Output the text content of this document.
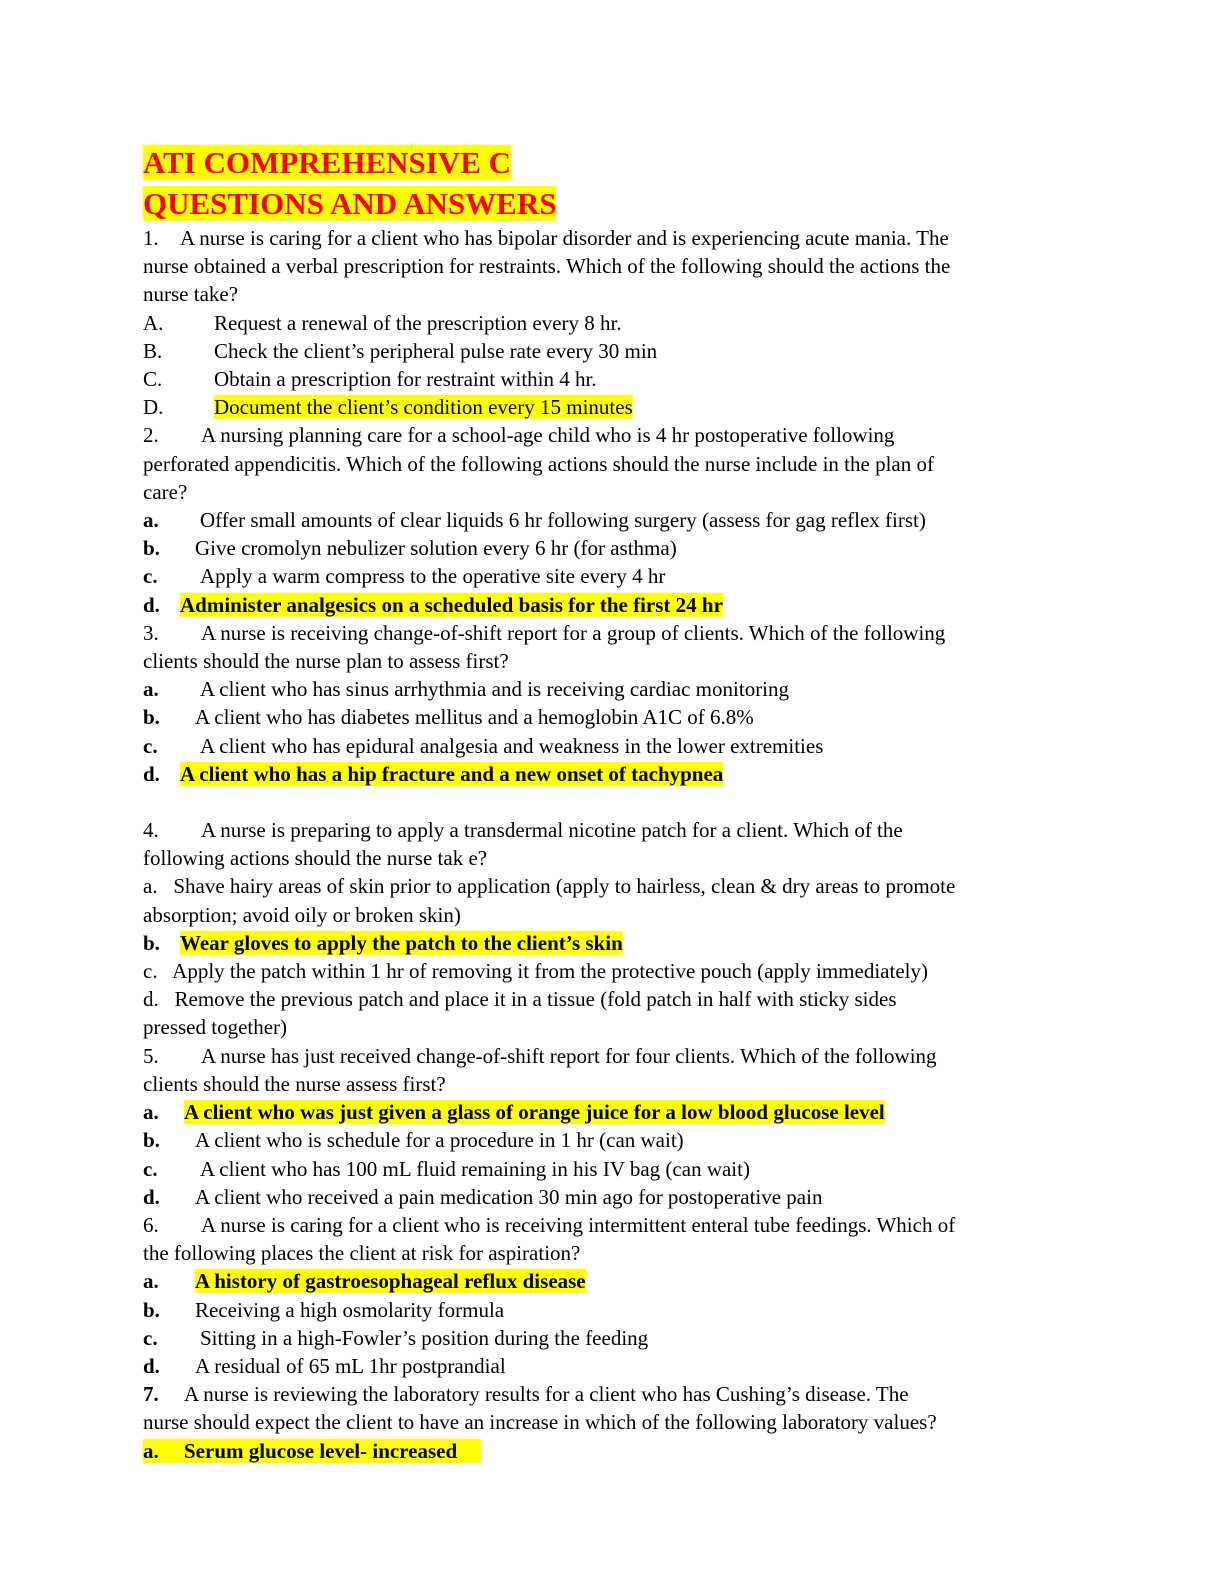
ATI COMPREHENSIVE C
QUESTIONS AND ANSWERS
1. A nurse is caring for a client who has bipolar disorder and is experiencing acute mania. The
nurse obtained a verbal prescription for restraints. Which of the following should the actions the
nurse take?
A. Request a renewal of the prescription every 8 hr.
B. Check the client’s peripheral pulse rate every 30 min
C. Obtain a prescription for restraint within 4 hr.
D. Document the client’s condition every 15 minutes
2. A nursing planning care for a school-age child who is 4 hr postoperative following
perforated appendicitis. Which of the following actions should the nurse include in the plan of
care?
a. Offer small amounts of clear liquids 6 hr following surgery (assess for gag reflex first)
b. Give cromolyn nebulizer solution every 6 hr (for asthma)
c. Apply a warm compress to the operative site every 4 hr
d. Administer analgesics on a scheduled basis for the first 24 hr
3. A nurse is receiving change-of-shift report for a group of clients. Which of the following
clients should the nurse plan to assess first?
a. A client who has sinus arrhythmia and is receiving cardiac monitoring
b. A client who has diabetes mellitus and a hemoglobin A1C of 6.8%
c. A client who has epidural analgesia and weakness in the lower extremities
d. A client who has a hip fracture and a new onset of tachypnea
4. A nurse is preparing to apply a transdermal nicotine patch for a client. Which of the
following actions should the nurse tak e?
a.   Shave hairy areas of skin prior to application (apply to hairless, clean & dry areas to promote
absorption; avoid oily or broken skin)
b. Wear gloves to apply the patch to the client’s skin
c.   Apply the patch within 1 hr of removing it from the protective pouch (apply immediately)
d.   Remove the previous patch and place it in a tissue (fold patch in half with sticky sides
pressed together)
5. A nurse has just received change-of-shift report for four clients. Which of the following
clients should the nurse assess first?
a. A client who was just given a glass of orange juice for a low blood glucose level
b. A client who is schedule for a procedure in 1 hr (can wait)
c. A client who has 100 mL fluid remaining in his IV bag (can wait)
d. A client who received a pain medication 30 min ago for postoperative pain
6. A nurse is caring for a client who is receiving intermittent enteral tube feedings. Which of
the following places the client at risk for aspiration?
a. A history of gastroesophageal reflux disease
b. Receiving a high osmolarity formula
c. Sitting in a high-Fowler’s position during the feeding
d. A residual of 65 mL 1hr postprandial
7. A nurse is reviewing the laboratory results for a client who has Cushing’s disease. The
nurse should expect the client to have an increase in which of the following laboratory values?
a. Serum glucose level- increased
